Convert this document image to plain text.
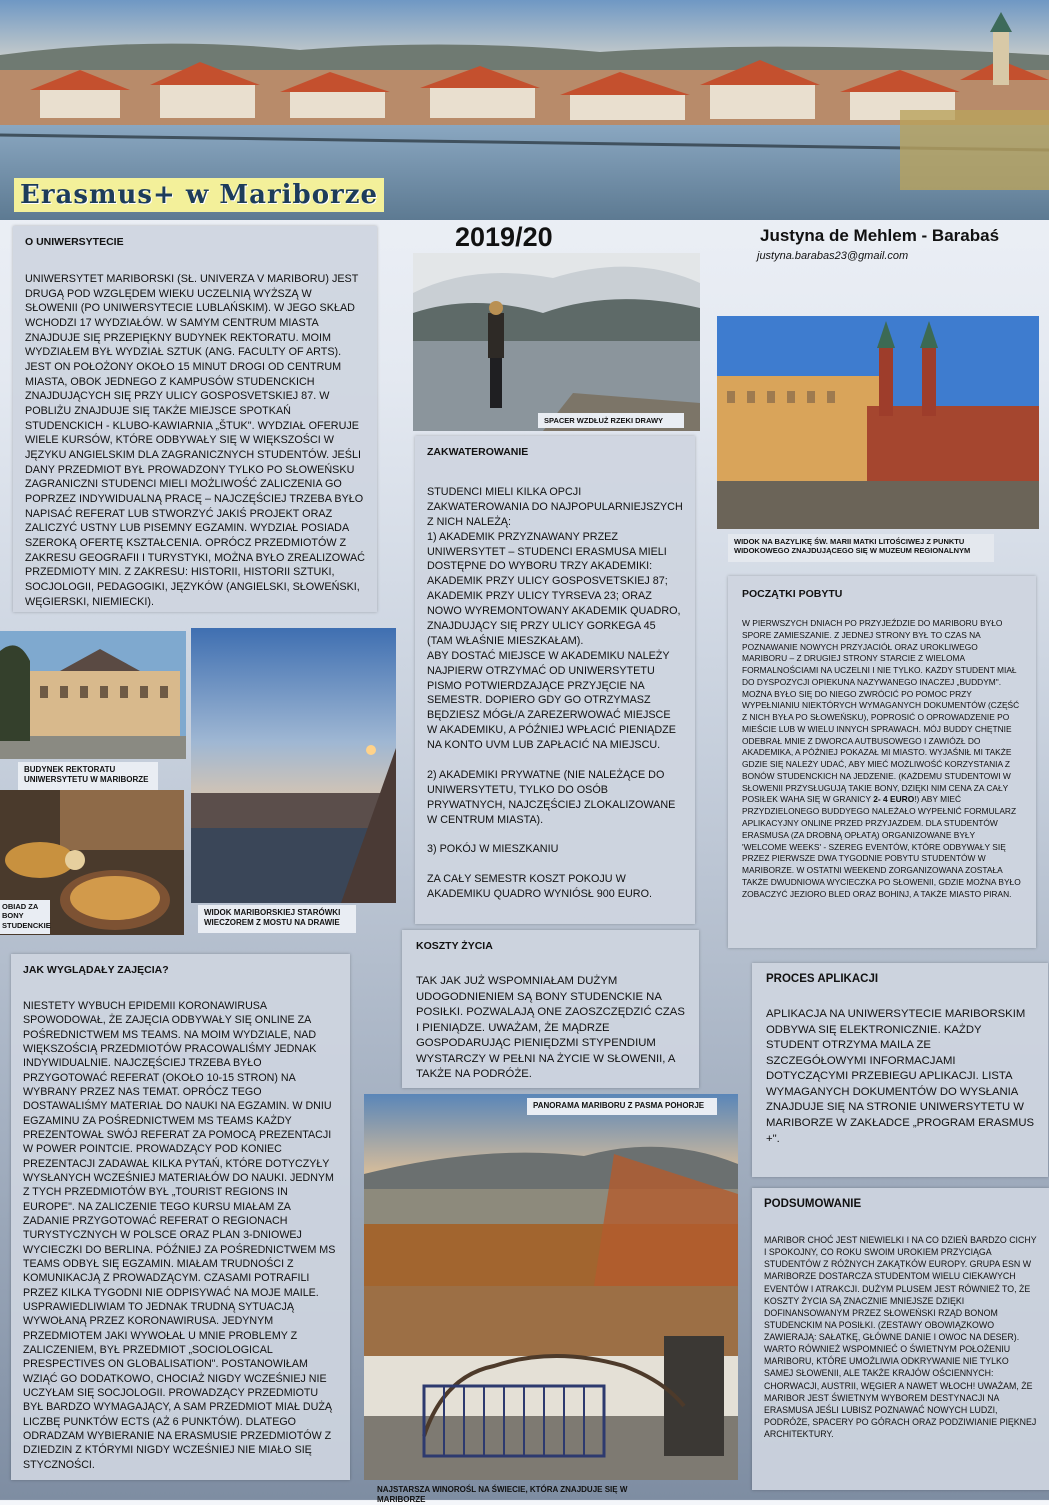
Erasmus+ w Mariborze
2019/20	Justyna de Mehlem - Barabaś
justyna.barabas23@gmail.com
O UNIWERSYTECIE

UNIWERSYTET MARIBORSKI (SŁ. UNIVERZA V MARIBORU) JEST DRUGĄ POD WZGLĘDEM WIEKU UCZELNIĄ WYŻSZĄ W SŁOWENII (PO UNIWERSYTECIE LUBLAŃSKIM). W JEGO SKŁAD WCHODZI 17 WYDZIAŁÓW. W SAMYM CENTRUM MIASTA ZNAJDUJE SIĘ PRZEPIĘKNY BUDYNEK REKTORATU. MOIM WYDZIAŁEM BYŁ WYDZIAŁ SZTUK (ANG. FACULTY OF ARTS). JEST ON POŁOŻONY OKOŁO 15 MINUT DROGI OD CENTRUM MIASTA, OBOK JEDNEGO Z KAMPUSÓW STUDENCKICH ZNAJDUJĄCYCH SIĘ PRZY ULICY GOSPOSVETSKIEJ 87. W POBLIŻU ZNAJDUJE SIĘ TAKŻE MIEJSCE SPOTKAŃ STUDENCKICH - KLUBO-KAWIARNIA „ŠTUK". WYDZIAŁ OFERUJE WIELE KURSÓW, KTÓRE ODBYWAŁY SIĘ W WIĘKSZOŚCI W JĘZYKU ANGIELSKIM DLA ZAGRANICZNYCH STUDENTÓW. JEŚLI DANY PRZEDMIOT BYŁ PROWADZONY TYLKO PO SŁOWEŃSKU ZAGRANICZNI STUDENCI MIELI MOŻLIWOŚĆ ZALICZENIA GO POPRZEZ INDYWIDUALNĄ PRACĘ – NAJCZĘŚCIEJ TRZEBA BYŁO NAPISAĆ REFERAT LUB STWORZYĆ JAKIŚ PROJEKT ORAZ ZALICZYĆ USTNY LUB PISEMNY EGZAMIN. WYDZIAŁ POSIADA SZEROKĄ OFERTĘ KSZTAŁCENIA. OPRÓCZ PRZEDMIOTÓW Z ZAKRESU GEOGRAFII I TURYSTYKI, MOŻNA BYŁO ZREALIZOWAĆ PRZEDMIOTY MIN. Z ZAKRESU: HISTORII, HISTORII SZTUKI, SOCJOLOGII, PEDAGOGIKI, JĘZYKÓW (ANGIELSKI, SŁOWEŃSKI, WĘGIERSKI, NIEMIECKI).

SPACER WZDŁUŻ RZEKI DRAWY
WIDOK NA BAZYLIKĘ ŚW. MARII MATKI LITOŚCIWEJ Z PUNKTU WIDOKOWEGO ZNAJDUJĄCEGO SIĘ W MUZEUM REGIONALNYM
ZAKWATEROWANIE

STUDENCI MIELI KILKA OPCJI ZAKWATEROWANIA DO NAJPOPULARNIEJSZYCH Z NICH NALEŻĄ:
1) AKADEMIK PRZYZNAWANY PRZEZ UNIWERSYTET – STUDENCI ERASMUSA MIELI DOSTĘPNE DO WYBORU TRZY AKADEMIKI: AKADEMIK PRZY ULICY GOSPOSVETSKIEJ 87; AKADEMIK PRZY ULICY TYRSEVA 23; ORAZ NOWO WYREMONTOWANY AKADEMIK QUADRO, ZNAJDUJĄCY SIĘ PRZY ULICY GORKEGA 45 (TAM WŁAŚNIE MIESZKAŁAM).
ABY DOSTAĆ MIEJSCE W AKADEMIKU NALEŻY NAJPIERW OTRZYMAĆ OD UNIWERSYTETU PISMO POTWIERDZAJĄCE PRZYJĘCIE NA SEMESTR. DOPIERO GDY GO OTRZYMASZ BĘDZIESZ MÓGŁ/A ZAREZERWOWAĆ MIEJSCE W AKADEMIKU, A PÓŹNIEJ WPŁACIĆ PIENIĄDZE NA KONTO UVM LUB ZAPŁACIĆ NA MIEJSCU.

2) AKADEMIKI PRYWATNE (NIE NALEŻĄCE DO UNIWERSYTETU, TYLKO DO OSÓB PRYWATNYCH, NAJCZĘŚCIEJ ZLOKALIZOWANE W CENTRUM MIASTA).

3) POKÓJ W MIESZKANIU

ZA CAŁY SEMESTR KOSZT POKOJU W AKADEMIKU QUADRO WYNIÓSŁ 900 EURO.

POCZĄTKI POBYTU

W PIERWSZYCH DNIACH PO PRZYJEŹDZIE DO MARIBORU BYŁO SPORE ZAMIESZANIE. Z JEDNEJ STRONY BYŁ TO CZAS NA POZNAWANIE NOWYCH PRZYJACIÓŁ ORAZ UROKLIWEGO MARIBORU – Z DRUGIEJ STRONY STARCIE Z WIELOMA FORMALNOŚCIAMI NA UCZELNI I NIE TYLKO. KAŻDY STUDENT MIAŁ DO DYSPOZYCJI OPIEKUNA NAZYWANEGO INACZEJ „BUDDYM". MOŻNA BYŁO SIĘ DO NIEGO ZWRÓCIĆ PO POMOC PRZY WYPEŁNIANIU NIEKTÓRYCH WYMAGANYCH DOKUMENTÓW (CZĘŚĆ Z NICH BYŁA PO SŁOWEŃSKU), POPROSIĆ O OPROWADZENIE PO MIEŚCIE LUB W WIELU INNYCH SPRAWACH. MÓJ BUDDY CHĘTNIE ODEBRAŁ MNIE Z DWORCA AUTBUSOWEGO I ZAWIÓZŁ DO AKADEMIKA, A PÓŹNIEJ POKAZAŁ MI MIASTO. WYJAŚNIŁ MI TAKŻE GDZIE SIĘ NALEŻY UDAĆ, ABY MIEĆ MOŻLIWOŚĆ KORZYSTANIA Z BONÓW STUDENCKICH NA JEDZENIE. (KAŻDEMU STUDENTOWI W SŁOWENII PRZYSŁUGUJĄ TAKIE BONY, DZIĘKI NIM CENA ZA CAŁY POSIŁEK WAHA SIĘ W GRANICY 2- 4 EURO!) ABY MIEĆ PRZYDZIELONEGO BUDDYEGO NALEŻAŁO WYPEŁNIĆ FORMULARZ APLIKACYJNY ONLINE PRZED PRZYJAZDEM. DLA STUDENTÓW ERASMUSA (ZA DROBNĄ OPŁATĄ) ORGANIZOWANE BYŁY 'WELCOME WEEKS' - SZEREG EVENTÓW, KTÓRE ODBYWAŁY SIĘ PRZEZ PIERWSZE DWA TYGODNIE POBYTU STUDENTÓW W MARIBORZE. W OSTATNI WEEKEND ZORGANIZOWANA ZOSTAŁA TAKŻE DWUDNIOWA WYCIECZKA PO SŁOWENII, GDZIE MOŻNA BYŁO ZOBACZYĆ JEZIORO BLED ORAZ BOHINJ, A TAKŻE MIASTO PIRAN.

BUDYNEK REKTORATU UNIWERSYTETU W MARIBORZE
OBIAD ZA BONY STUDENCKIE
WIDOK MARIBORSKIEJ STARÓWKI WIECZOREM Z MOSTU NA DRAWIE
KOSZTY ŻYCIA

TAK JAK JUŻ WSPOMNIAŁAM DUŻYM UDOGODNIENIEM SĄ BONY STUDENCKIE NA POSIŁKI. POZWALAJĄ ONE ZAOSZCZĘDZIĆ CZAS I PIENIĄDZE. UWAŻAM, ŻE MĄDRZE GOSPODARUJĄC PIENIĘDZMI STYPENDIUM WYSTARCZY W PEŁNI NA ŻYCIE W SŁOWENII, A TAKŻE NA PODRÓŻE.

PROCES APLIKACJI

APLIKACJA NA UNIWERSYTECIE MARIBORSKIM ODBYWA SIĘ ELEKTRONICZNIE. KAŻDY STUDENT OTRZYMA MAILA ZE SZCZEGÓŁOWYMI INFORMACJAMI DOTYCZĄCYMI PRZEBIEGU APLIKACJI. LISTA WYMAGANYCH DOKUMENTÓW DO WYSŁANIA ZNAJDUJE SIĘ NA STRONIE UNIWERSYTETU W MARIBORZE W ZAKŁADCE „PROGRAM ERASMUS +".

JAK WYGLĄDAŁY ZAJĘCIA?

NIESTETY WYBUCH EPIDEMII KORONAWIRUSA SPOWODOWAŁ, ŻE ZAJĘCIA ODBYWAŁY SIĘ ONLINE ZA POŚREDNICTWEM MS TEAMS. NA MOIM WYDZIALE, NAD WIĘKSZOŚCIĄ PRZEDMIOTÓW PRACOWALIŚMY JEDNAK INDYWIDUALNIE. NAJCZĘŚCIEJ TRZEBA BYŁO PRZYGOTOWAĆ REFERAT (OKOŁO 10-15 STRON) NA WYBRANY PRZEZ NAS TEMAT. OPRÓCZ TEGO DOSTAWALIŚMY MATERIAŁ DO NAUKI NA EGZAMIN. W DNIU EGZAMINU ZA POŚREDNICTWEM MS TEAMS KAŻDY PREZENTOWAŁ SWÓJ REFERAT ZA POMOCĄ PREZENTACJI W POWER POINTCIE. PROWADZĄCY POD KONIEC PREZENTACJI ZADAWAŁ KILKA PYTAŃ, KTÓRE DOTYCZYŁY WYSŁANYCH WCZEŚNIEJ MATERIAŁÓW DO NAUKI. JEDNYM Z TYCH PRZEDMIOTÓW BYŁ „TOURIST REGIONS IN EUROPE". NA ZALICZENIE TEGO KURSU MIAŁAM ZA ZADANIE PRZYGOTOWAĆ REFERAT O REGIONACH TURYSTYCZNYCH W POLSCE ORAZ PLAN 3-DNIOWEJ WYCIECZKI DO BERLINA. PÓŹNIEJ ZA POŚREDNICTWEM MS TEAMS ODBYŁ SIĘ EGZAMIN. MIAŁAM TRUDNOŚCI Z KOMUNIKACJĄ Z PROWADZĄCYM. CZASAMI POTRAFILI PRZEZ KILKA TYGODNI NIE ODPISYWAĆ NA MOJE MAILE. USPRAWIEDLIWIAM TO JEDNAK TRUDNĄ SYTUACJĄ WYWOŁANĄ PRZEZ KORONAWIRUSA. JEDYNYM PRZEDMIOTEM JAKI WYWOŁAŁ U MNIE PROBLEMY Z ZALICZENIEM, BYŁ PRZEDMIOT „SOCIOLOGICAL PRESPECTIVES ON GLOBALISATION". POSTANOWIŁAM WZIĄĆ GO DODATKOWO, CHOCIAŻ NIGDY WCZEŚNIEJ NIE UCZYŁAM SIĘ SOCJOLOGII. PROWADZĄCY PRZEDMIOTU BYŁ BARDZO WYMAGAJĄCY, A SAM PRZEDMIOT MIAŁ DUŻĄ LICZBĘ PUNKTÓW ECTS (AŻ 6 PUNKTÓW). DLATEGO ODRADZAM WYBIERANIE NA ERASMUSIE PRZEDMIOTÓW Z DZIEDZIN Z KTÓRYMI NIGDY WCZEŚNIEJ NIE MIAŁO SIĘ STYCZNOŚCI.

PANORAMA MARIBORU Z PASMA POHORJE
NAJSTARSZA WINOROŚL NA ŚWIECIE, KTÓRA ZNAJDUJE SIĘ W MARIBORZE
PODSUMOWANIE

MARIBOR CHOĆ JEST NIEWIELKI I NA CO DZIEŃ BARDZO CICHY I SPOKOJNY, CO ROKU SWOIM UROKIEM PRZYCIĄGA STUDENTÓW Z RÓŻNYCH ZAKĄTKÓW EUROPY. GRUPA ESN W MARIBORZE DOSTARCZA STUDENTOM WIELU CIEKAWYCH EVENTÓW I ATRAKCJI. DUŻYM PLUSEM JEST RÓWNIEŻ TO, ŻE KOSZTY ŻYCIA SĄ ZNACZNIE MNIEJSZE DZIĘKI DOFINANSOWANYM PRZEZ SŁOWEŃSKI RZĄD BONOM STUDENCKIM NA POSIŁKI. (ZESTAWY OBOWIĄZKOWO ZAWIERAJĄ: SAŁATKĘ, GŁÓWNE DANIE I OWOC NA DESER). WARTO RÓWNIEŻ WSPOMNIEĆ O ŚWIETNYM POŁOŻENIU MARIBORU, KTÓRE UMOŻLIWIA ODKRYWANIE NIE TYLKO SAMEJ SŁOWENII, ALE TAKŻE KRAJÓW OŚCIENNYCH: CHORWACJI, AUSTRII, WĘGIER A NAWET WŁOCH! UWAŻAM, ŻE MARIBOR JEST ŚWIETNYM WYBOREM DESTYNACJI NA ERASMUSA JEŚLI LUBISZ POZNAWAĆ NOWYCH LUDZI, PODRÓŻE, SPACERY PO GÓRACH ORAZ PODZIWIANIE PIĘKNEJ ARCHITEKTURY.
